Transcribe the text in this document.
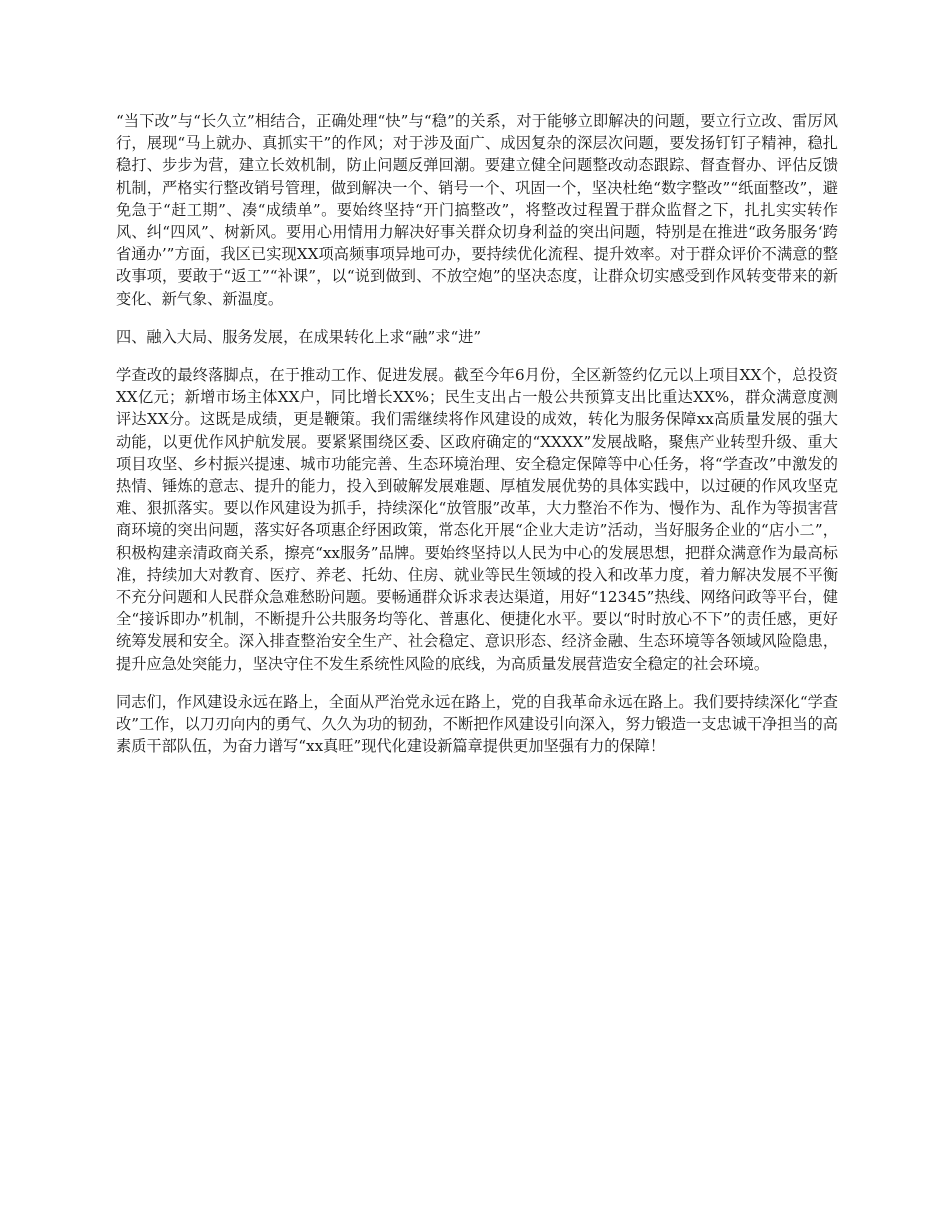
“当下改”与“长久立”相结合，正确处理“快”与“稳”的关系，对于能够立即解决的问题，要立行立改、雷厉风行，展现“马上就办、真抓实干”的作风；对于涉及面广、成因复杂的深层次问题，要发扬钉钉子精神，稳扎稳打、步步为营，建立长效机制，防止问题反弹回潮。要建立健全问题整改动态跟踪、督查督办、评估反馈机制，严格实行整改销号管理，做到解决一个、销号一个、巩固一个，坚决杜绝“数字整改”“纸面整改”，避免急于“赶工期”、凑“成绩单”。要始终坚持“开门搞整改”，将整改过程置于群众监督之下，扎扎实实转作风、纠“四风”、树新风。要用心用情用力解决好事关群众切身利益的突出问题，特别是在推进“政务服务‘跨省通办’”方面，我区已实现XX项高频事项异地可办，要持续优化流程、提升效率。对于群众评价不满意的整改事项，要敢于“返工”“补课”，以“说到做到、不放空炮”的坚决态度，让群众切实感受到作风转变带来的新变化、新气象、新温度。

四、融入大局、服务发展，在成果转化上求“融”求“进”

学查改的最终落脚点，在于推动工作、促进发展。截至今年6月份，全区新签约亿元以上项目XX个，总投资XX亿元；新增市场主体XX户，同比增长XX%；民生支出占一般公共预算支出比重达XX%，群众满意度测评达XX分。这既是成绩，更是鞭策。我们需继续将作风建设的成效，转化为服务保障xx高质量发展的强大动能，以更优作风护航发展。要紧紧围绕区委、区政府确定的“XXXX”发展战略，聚焦产业转型升级、重大项目攻坚、乡村振兴提速、城市功能完善、生态环境治理、安全稳定保障等中心任务，将“学查改”中激发的热情、锤炼的意志、提升的能力，投入到破解发展难题、厚植发展优势的具体实践中，以过硬的作风攻坚克难、狠抓落实。要以作风建设为抓手，持续深化“放管服”改革，大力整治不作为、慢作为、乱作为等损害营商环境的突出问题，落实好各项惠企纾困政策，常态化开展“企业大走访”活动，当好服务企业的“店小二”，积极构建亲清政商关系，擦亮“xx服务”品牌。要始终坚持以人民为中心的发展思想，把群众满意作为最高标准，持续加大对教育、医疗、养老、托幼、住房、就业等民生领域的投入和改革力度，着力解决发展不平衡不充分问题和人民群众急难愁盼问题。要畅通群众诉求表达渠道，用好“12345”热线、网络问政等平台，健全“接诉即办”机制，不断提升公共服务均等化、普惠化、便捷化水平。要以“时时放心不下”的责任感，更好统筹发展和安全。深入排查整治安全生产、社会稳定、意识形态、经济金融、生态环境等各领域风险隐患，提升应急处突能力，坚决守住不发生系统性风险的底线，为高质量发展营造安全稳定的社会环境。

同志们，作风建设永远在路上，全面从严治党永远在路上，党的自我革命永远在路上。我们要持续深化“学查改”工作，以刀刃向内的勇气、久久为功的韧劲，不断把作风建设引向深入，努力锻造一支忠诚干净担当的高素质干部队伍，为奋力谱写“xx真旺”现代化建设新篇章提供更加坚强有力的保障！
